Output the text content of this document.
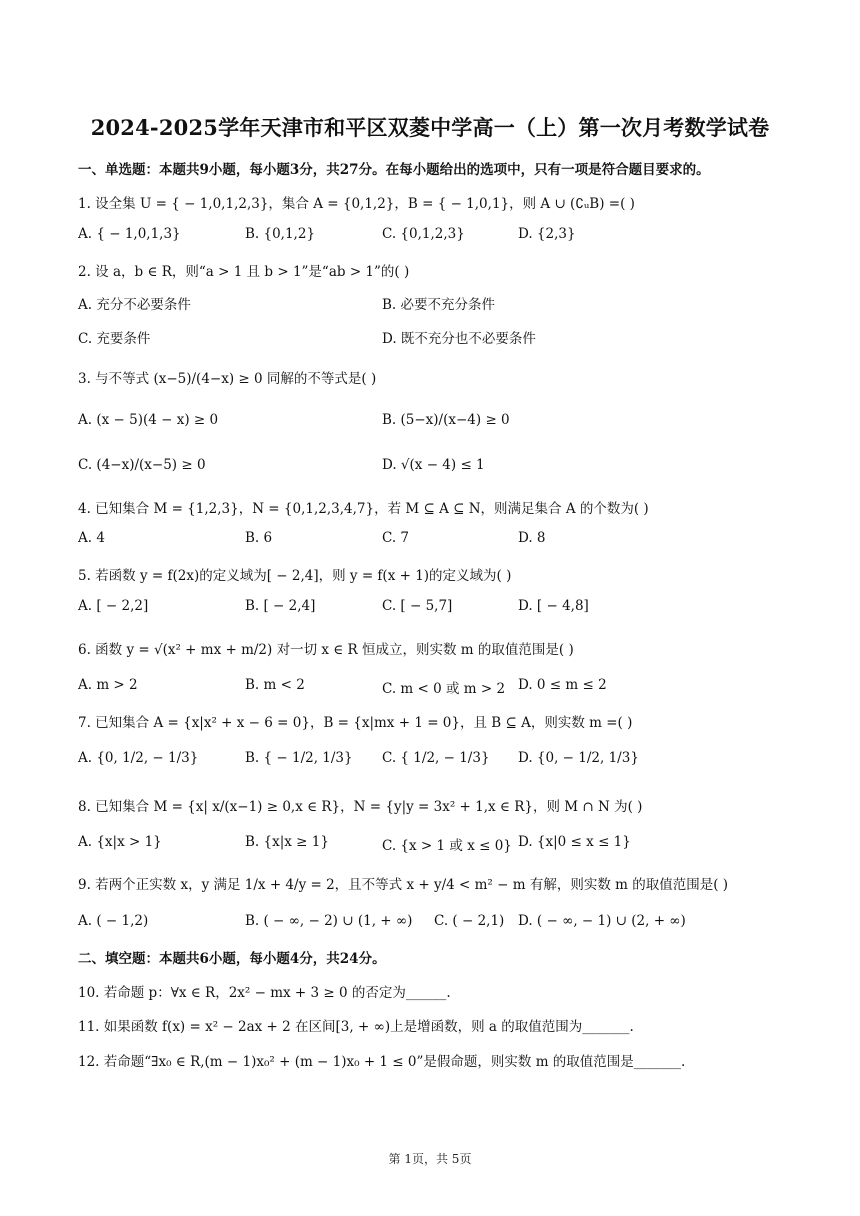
2024-2025学年天津市和平区双菱中学高一（上）第一次月考数学试卷
一、单选题：本题共9小题，每小题3分，共27分。在每小题给出的选项中，只有一项是符合题目要求的。
1. 设全集 U = { − 1,0,1,2,3}，集合 A = {0,1,2}，B = { − 1,0,1}，则 A ∪ (∁ᵤB) =( )
A. { − 1,0,1,3}	B. {0,1,2}	C. {0,1,2,3}	D. {2,3}
2. 设 a，b ∈ R，则“a > 1 且 b > 1”是“ab > 1”的( )
A. 充分不必要条件	B. 必要不充分条件
C. 充要条件	D. 既不充分也不必要条件
3. 与不等式 (x−5)/(4−x) ≥ 0 同解的不等式是( )
A. (x − 5)(4 − x) ≥ 0	B. (5−x)/(x−4) ≥ 0
C. (4−x)/(x−5) ≥ 0	D. √(x − 4) ≤ 1
4. 已知集合 M = {1,2,3}，N = {0,1,2,3,4,7}，若 M ⊆ A ⊆ N，则满足集合 A 的个数为( )
A. 4	B. 6	C. 7	D. 8
5. 若函数 y = f(2x)的定义域为[ − 2,4]，则 y = f(x + 1)的定义域为( )
A. [ − 2,2]	B. [ − 2,4]	C. [ − 5,7]	D. [ − 4,8]
6. 函数 y = √(x² + mx + m/2) 对一切 x ∈ R 恒成立，则实数 m 的取值范围是( )
A. m > 2	B. m < 2	C. m < 0 或 m > 2 D. 0 ≤ m ≤ 2
7. 已知集合 A = {x|x² + x − 6 = 0}，B = {x|mx + 1 = 0}，且 B ⊆ A，则实数 m =( )
A. {0, 1/2, − 1/3}	B. { − 1/2, 1/3} C. { 1/2, − 1/3} D. {0, − 1/2, 1/3}
8. 已知集合 M = {x| x/(x−1) ≥ 0,x ∈ R}，N = {y|y = 3x² + 1,x ∈ R}，则 M ∩ N 为( )
A. {x|x > 1}	B. {x|x ≥ 1}	C. {x > 1 或 x ≤ 0} D. {x|0 ≤ x ≤ 1}
9. 若两个正实数 x，y 满足 1/x + 4/y = 2，且不等式 x + y/4 < m² − m 有解，则实数 m 的取值范围是( )
A. ( − 1,2)	B. ( − ∞, − 2) ∪ (1, + ∞) C. ( − 2,1) D. ( − ∞, − 1) ∪ (2, + ∞)
二、填空题：本题共6小题，每小题4分，共24分。
10. 若命题 p：∀x ∈ R，2x² − mx + 3 ≥ 0 的否定为______.
11. 如果函数 f(x) = x² − 2ax + 2 在区间[3, + ∞)上是增函数，则 a 的取值范围为_______.
12. 若命题“∃x₀ ∈ R,(m − 1)x₀² + (m − 1)x₀ + 1 ≤ 0”是假命题，则实数 m 的取值范围是_______.
第 1页，共 5页
